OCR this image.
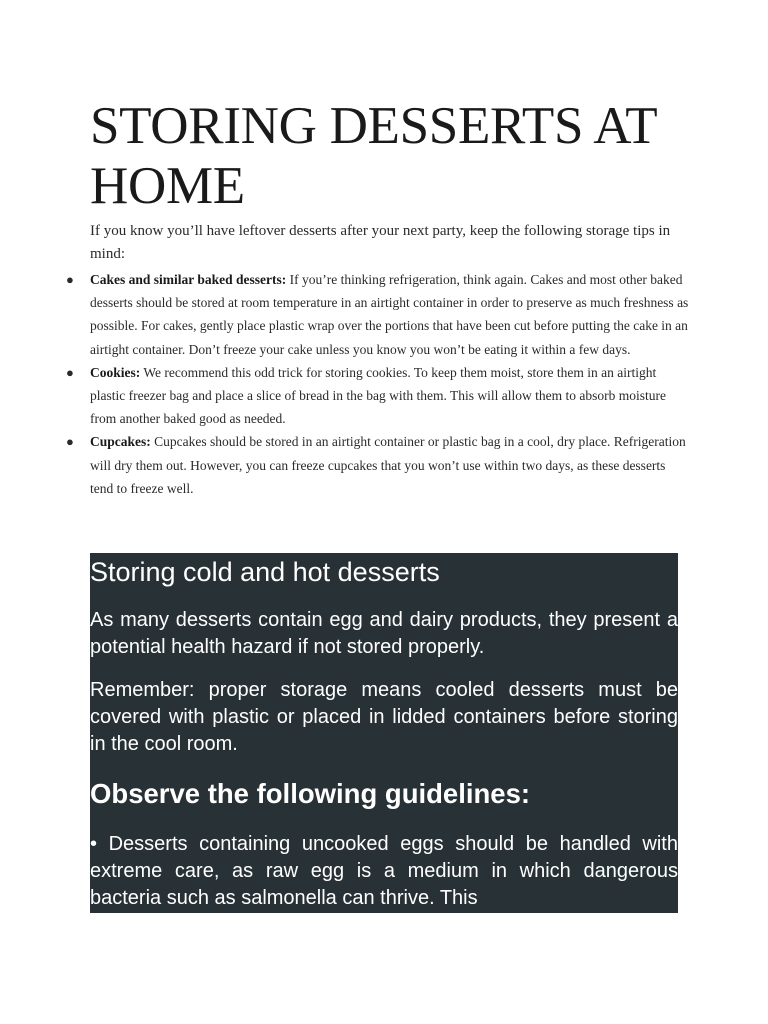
STORING DESSERTS AT HOME

If you know you’ll have leftover desserts after your next party, keep the following storage tips in mind:

● Cakes and similar baked desserts: If you’re thinking refrigeration, think again. Cakes and most other baked desserts should be stored at room temperature in an airtight container in order to preserve as much freshness as possible. For cakes, gently place plastic wrap over the portions that have been cut before putting the cake in an airtight container. Don’t freeze your cake unless you know you won’t be eating it within a few days.
● Cookies: We recommend this odd trick for storing cookies. To keep them moist, store them in an airtight plastic freezer bag and place a slice of bread in the bag with them. This will allow them to absorb moisture from another baked good as needed.
● Cupcakes: Cupcakes should be stored in an airtight container or plastic bag in a cool, dry place. Refrigeration will dry them out. However, you can freeze cupcakes that you won’t use within two days, as these desserts tend to freeze well.
Storing cold and hot desserts

As many desserts contain egg and dairy products, they present a potential health hazard if not stored properly.

Remember: proper storage means cooled desserts must be covered with plastic or placed in lidded containers before storing in the cool room.

Observe the following guidelines:

• Desserts containing uncooked eggs should be handled with extreme care, as raw egg is a medium in which dangerous bacteria such as salmonella can thrive. This
